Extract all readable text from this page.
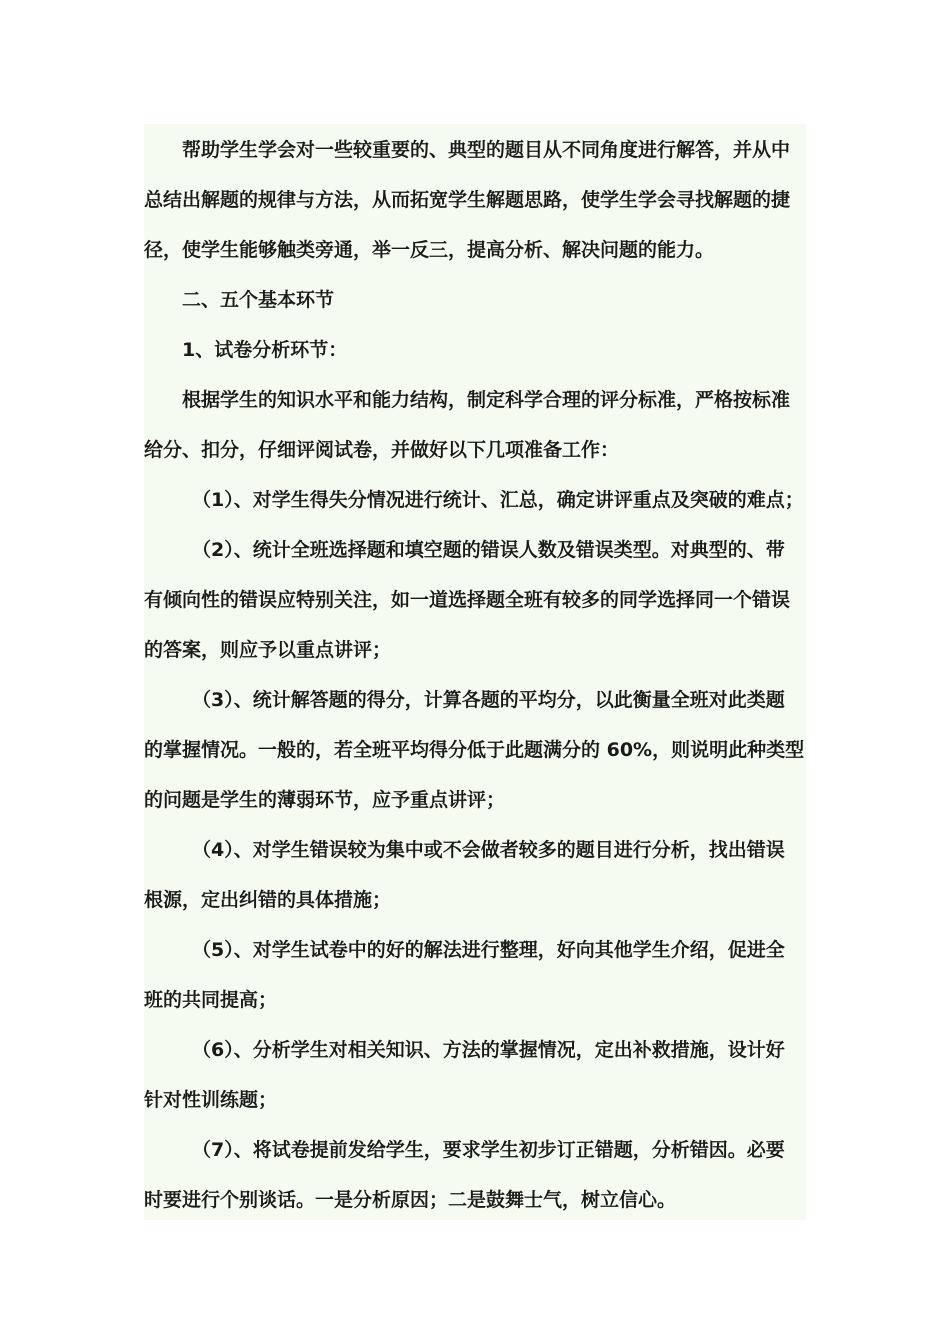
帮助学生学会对一些较重要的、典型的题目从不同角度进行解答，并从中
总结出解题的规律与方法，从而拓宽学生解题思路，使学生学会寻找解题的捷
径，使学生能够触类旁通，举一反三，提高分析、解决问题的能力。
二、五个基本环节
1、试卷分析环节：
根据学生的知识水平和能力结构，制定科学合理的评分标准，严格按标准
给分、扣分，仔细评阅试卷，并做好以下几项准备工作：
（1）、对学生得失分情况进行统计、汇总，确定讲评重点及突破的难点；
（2）、统计全班选择题和填空题的错误人数及错误类型。对典型的、带
有倾向性的错误应特别关注，如一道选择题全班有较多的同学选择同一个错误
的答案，则应予以重点讲评；
（3）、统计解答题的得分，计算各题的平均分，以此衡量全班对此类题
的掌握情况。一般的，若全班平均得分低于此题满分的 60%，则说明此种类型
的问题是学生的薄弱环节，应予重点讲评；
（4）、对学生错误较为集中或不会做者较多的题目进行分析，找出错误
根源，定出纠错的具体措施；
（5）、对学生试卷中的好的解法进行整理，好向其他学生介绍，促进全
班的共同提高；
（6）、分析学生对相关知识、方法的掌握情况，定出补救措施，设计好
针对性训练题；
（7）、将试卷提前发给学生，要求学生初步订正错题，分析错因。必要
时要进行个别谈话。一是分析原因；二是鼓舞士气，树立信心。
